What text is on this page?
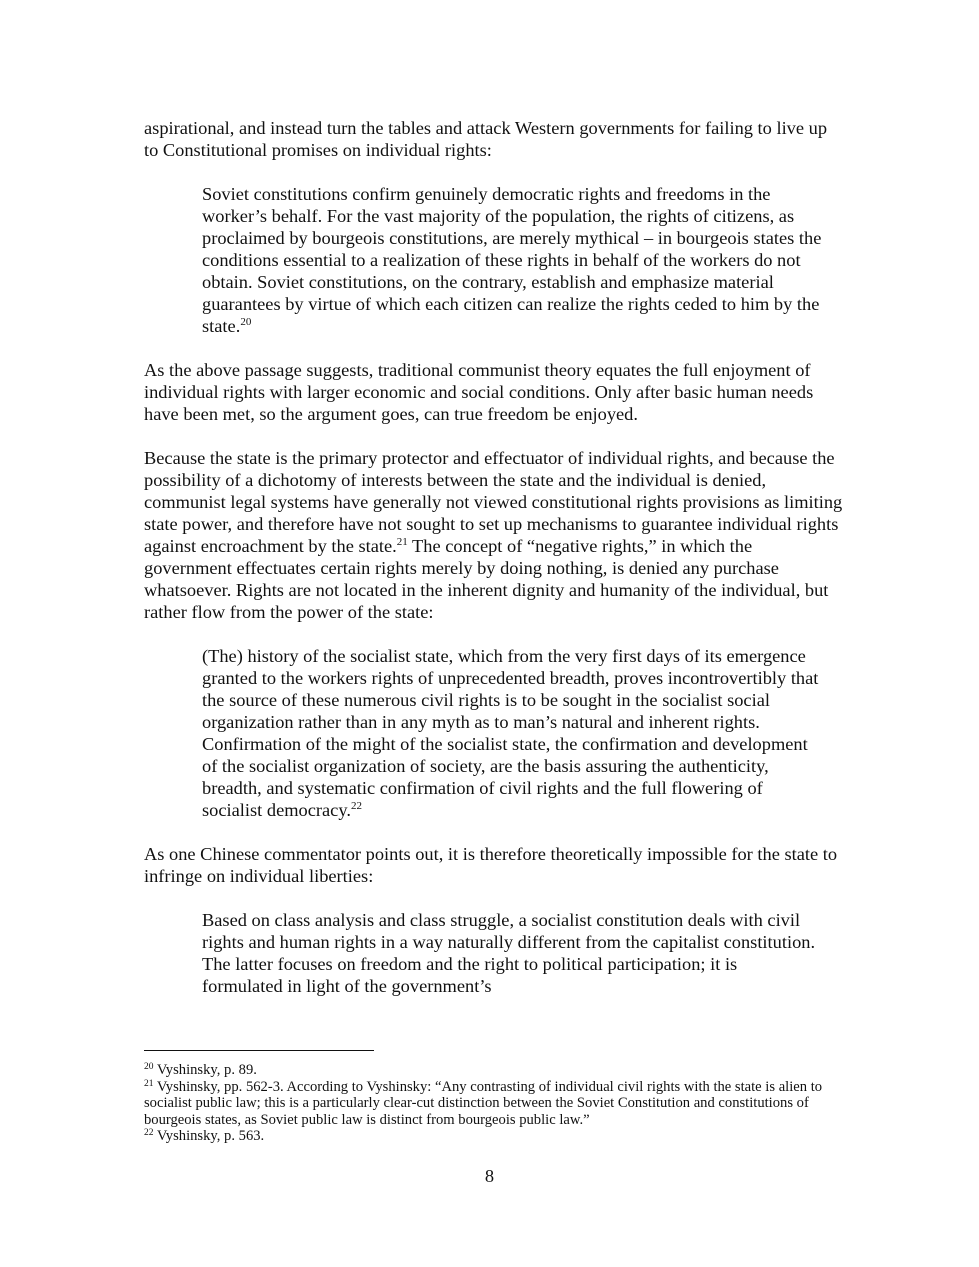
aspirational, and instead turn the tables and attack Western governments for failing to live up to Constitutional promises on individual rights:

Soviet constitutions confirm genuinely democratic rights and freedoms in the worker’s behalf. For the vast majority of the population, the rights of citizens, as proclaimed by bourgeois constitutions, are merely mythical – in bourgeois states the conditions essential to a realization of these rights in behalf of the workers do not obtain. Soviet constitutions, on the contrary, establish and emphasize material guarantees by virtue of which each citizen can realize the rights ceded to him by the state.$^{20}$

As the above passage suggests, traditional communist theory equates the full enjoyment of individual rights with larger economic and social conditions. Only after basic human needs have been met, so the argument goes, can true freedom be enjoyed.

Because the state is the primary protector and effectuator of individual rights, and because the possibility of a dichotomy of interests between the state and the individual is denied, communist legal systems have generally not viewed constitutional rights provisions as limiting state power, and therefore have not sought to set up mechanisms to guarantee individual rights against encroachment by the state.$^{21}$ The concept of “negative rights,” in which the government effectuates certain rights merely by doing nothing, is denied any purchase whatsoever. Rights are not located in the inherent dignity and humanity of the individual, but rather flow from the power of the state:

(The) history of the socialist state, which from the very first days of its emergence granted to the workers rights of unprecedented breadth, proves incontrovertibly that the source of these numerous civil rights is to be sought in the socialist social organization rather than in any myth as to man’s natural and inherent rights. Confirmation of the might of the socialist state, the confirmation and development of the socialist organization of society, are the basis assuring the authenticity, breadth, and systematic confirmation of civil rights and the full flowering of socialist democracy.$^{22}$

As one Chinese commentator points out, it is therefore theoretically impossible for the state to infringe on individual liberties:

Based on class analysis and class struggle, a socialist constitution deals with civil rights and human rights in a way naturally different from the capitalist constitution. The latter focuses on freedom and the right to political participation; it is formulated in light of the government’s

$^{20}$ Vyshinsky, p. 89.

$^{21}$ Vyshinsky, pp. 562-3. According to Vyshinsky: “Any contrasting of individual civil rights with the state is alien to socialist public law; this is a particularly clear-cut distinction between the Soviet Constitution and constitutions of bourgeois states, as Soviet public law is distinct from bourgeois public law.”

$^{22}$ Vyshinsky, p. 563.

8
